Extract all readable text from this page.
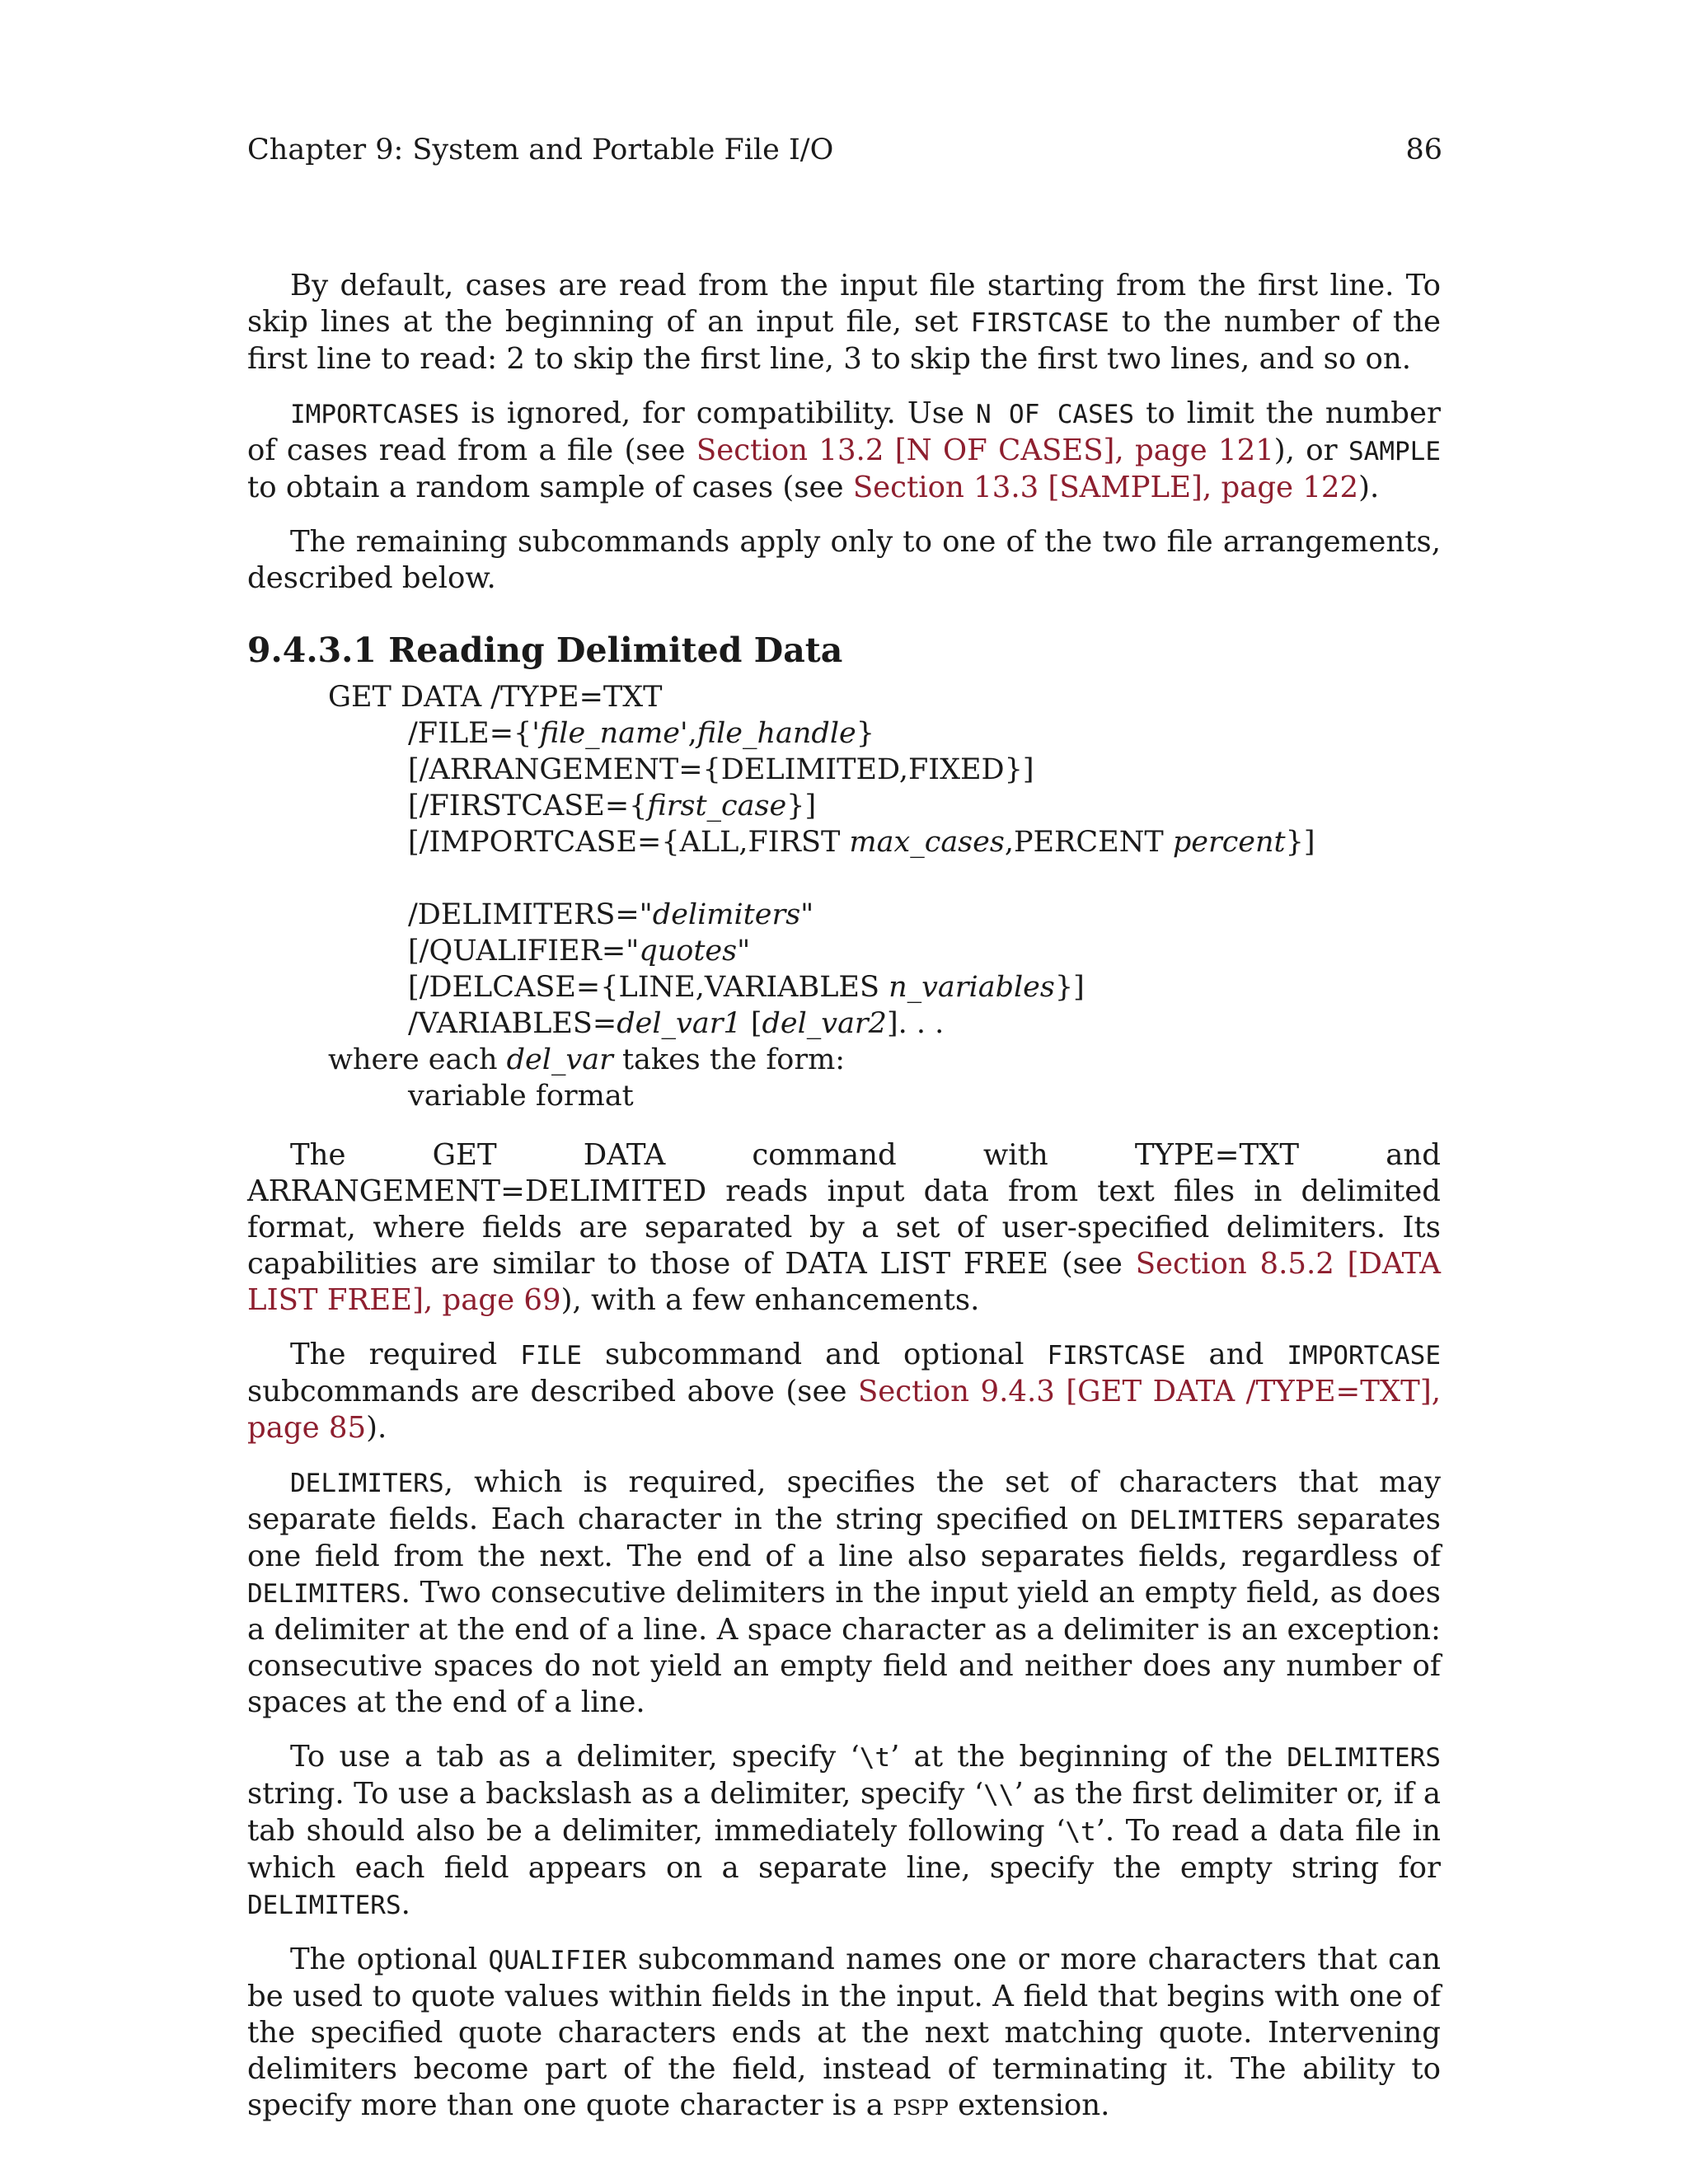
Chapter 9: System and Portable File I/O	86

By default, cases are read from the input file starting from the first line. To skip lines at the beginning of an input file, set FIRSTCASE to the number of the first line to read: 2 to skip the first line, 3 to skip the first two lines, and so on.

IMPORTCASES is ignored, for compatibility. Use N OF CASES to limit the number of cases read from a file (see Section 13.2 [N OF CASES], page 121), or SAMPLE to obtain a random sample of cases (see Section 13.3 [SAMPLE], page 122).

The remaining subcommands apply only to one of the two file arrangements, described below.

9.4.3.1 Reading Delimited Data
GET DATA /TYPE=TXT
/FILE={'file_name',file_handle}
[/ARRANGEMENT={DELIMITED,FIXED}]
[/FIRSTCASE={first_case}]
[/IMPORTCASE={ALL,FIRST max_cases,PERCENT percent}]
/DELIMITERS="delimiters"
[/QUALIFIER="quotes"
[/DELCASE={LINE,VARIABLES n_variables}]
/VARIABLES=del_var1 [del_var2]. . .
where each del_var takes the form:
variable format

The GET DATA command with TYPE=TXT and ARRANGEMENT=DELIMITED reads input data from text files in delimited format, where fields are separated by a set of user-specified delimiters. Its capabilities are similar to those of DATA LIST FREE (see Section 8.5.2 [DATA LIST FREE], page 69), with a few enhancements.

The required FILE subcommand and optional FIRSTCASE and IMPORTCASE subcommands are described above (see Section 9.4.3 [GET DATA /TYPE=TXT], page 85).

DELIMITERS, which is required, specifies the set of characters that may separate fields. Each character in the string specified on DELIMITERS separates one field from the next. The end of a line also separates fields, regardless of DELIMITERS. Two consecutive delimiters in the input yield an empty field, as does a delimiter at the end of a line. A space character as a delimiter is an exception: consecutive spaces do not yield an empty field and neither does any number of spaces at the end of a line.

To use a tab as a delimiter, specify ‘\t’ at the beginning of the DELIMITERS string. To use a backslash as a delimiter, specify ‘\\’ as the first delimiter or, if a tab should also be a delimiter, immediately following ‘\t’. To read a data file in which each field appears on a separate line, specify the empty string for DELIMITERS.

The optional QUALIFIER subcommand names one or more characters that can be used to quote values within fields in the input. A field that begins with one of the specified quote characters ends at the next matching quote. Intervening delimiters become part of the field, instead of terminating it. The ability to specify more than one quote character is a pspp extension.
